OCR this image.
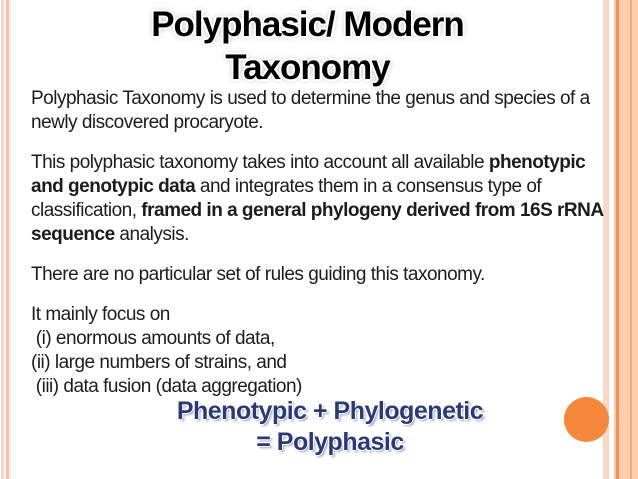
Polyphasic/ Modern
Taxonomy

Polyphasic Taxonomy is used to determine the genus and species of a
newly discovered procaryote.

This polyphasic taxonomy takes into account all available phenotypic
and genotypic data and integrates them in a consensus type of
classification, framed in a general phylogeny derived from 16S rRNA
sequence analysis.

There are no particular set of rules guiding this taxonomy.

It mainly focus on
(i) enormous amounts of data,
(ii) large numbers of strains, and
(iii) data fusion (data aggregation)

Phenotypic + Phylogenetic
= Polyphasic
